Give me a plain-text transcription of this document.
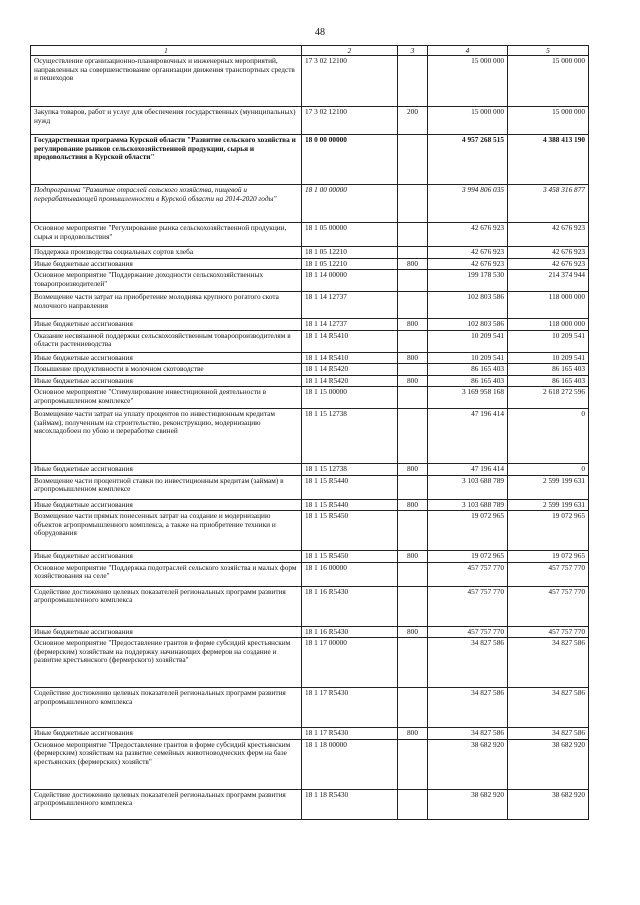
48
1	2	3	4	5
Осуществление организационно-планировочных и инженерных мероприятий, направленных на совершенствование организации движения транспортных средств и пешеходов	17 3 02 12100		15 000 000	15 000 000
Закупка товаров, работ и услуг для обеспечения государственных (муниципальных) нужд	17 3 02 12100	200	15 000 000	15 000 000
Государственная программа Курской области "Развитие сельского хозяйства и регулирование рынков сельскохозяйственной продукции, сырья и продовольствия в Курской области"	18 0 00 00000		4 957 268 515	4 388 413 190
Подпрограмма "Развитие отраслей сельского хозяйства, пищевой и перерабатывающей промышленности в Курской области на 2014-2020 годы"	18 1 00 00000		3 994 806 035	3 458 316 877
Основное мероприятие "Регулирование рынка сельскохозяйственной продукции, сырья и продовольствия"	18 1 05 00000		42 676 923	42 676 923
Поддержка производства социальных сортов хлеба	18 1 05 12210		42 676 923	42 676 923
Иные бюджетные ассигнования	18 1 05 12210	800	42 676 923	42 676 923
Основное мероприятие "Поддержание доходности сельскохозяйственных товаропроизводителей"	18 1 14 00000		199 178 530	214 374 944
Возмещение части затрат на приобретение молодняка крупного рогатого скота молочного направления	18 1 14 12737		102 803 586	118 000 000
Иные бюджетные ассигнования	18 1 14 12737	800	102 803 586	118 000 000
Оказание несвязанной поддержки сельскохозяйственным товаропроизводителям в области растениеводства	18 1 14 R5410		10 209 541	10 209 541
Иные бюджетные ассигнования	18 1 14 R5410	800	10 209 541	10 209 541
Повышение продуктивности в молочном скотоводстве	18 1 14 R5420		86 165 403	86 165 403
Иные бюджетные ассигнования	18 1 14 R5420	800	86 165 403	86 165 403
Основное мероприятие "Стимулирование инвестиционной деятельности в агропромышленном комплексе"	18 1 15 00000		3 169 958 168	2 618 272 596
Возмещение части затрат на уплату процентов по инвестиционным кредитам (займам), полученным на строительство, реконструкцию, модернизацию мясохладобоен по убою и переработке свиней	18 1 15 12738		47 196 414	0
Иные бюджетные ассигнования	18 1 15 12738	800	47 196 414	0
Возмещение части процентной ставки по инвестиционным кредитам (займам) в агропромышленном комплексе	18 1 15 R5440		3 103 688 789	2 599 199 631
Иные бюджетные ассигнования	18 1 15 R5440	800	3 103 688 789	2 599 199 631
Возмещение части прямых понесенных затрат на создание и модернизацию объектов агропромышленного комплекса, а также на приобретение техники и оборудования	18 1 15 R5450		19 072 965	19 072 965
Иные бюджетные ассигнования	18 1 15 R5450	800	19 072 965	19 072 965
Основное мероприятие "Поддержка подотраслей сельского хозяйства и малых форм хозяйствования на селе"	18 1 16 00000		457 757 770	457 757 770
Содействие достижению целевых показателей региональных программ развития агропромышленного комплекса	18 1 16 R5430		457 757 770	457 757 770
Иные бюджетные ассигнования	18 1 16 R5430	800	457 757 770	457 757 770
Основное мероприятие "Предоставление грантов в форме субсидий крестьянским (фермерским) хозяйствам на поддержку начинающих фермеров на создание и развитие крестьянского (фермерского) хозяйства"	18 1 17 00000		34 827 586	34 827 586
Содействие достижению целевых показателей региональных программ развития агропромышленного комплекса	18 1 17 R5430		34 827 586	34 827 586
Иные бюджетные ассигнования	18 1 17 R5430	800	34 827 586	34 827 586
Основное мероприятие "Предоставление грантов в форме субсидий крестьянским (фермерским) хозяйствам на развитие семейных животноводческих ферм на базе крестьянских (фермерских) хозяйств"	18 1 18 00000		38 682 920	38 682 920
Содействие достижению целевых показателей региональных программ развития агропромышленного комплекса	18 1 18 R5430		38 682 920	38 682 920
